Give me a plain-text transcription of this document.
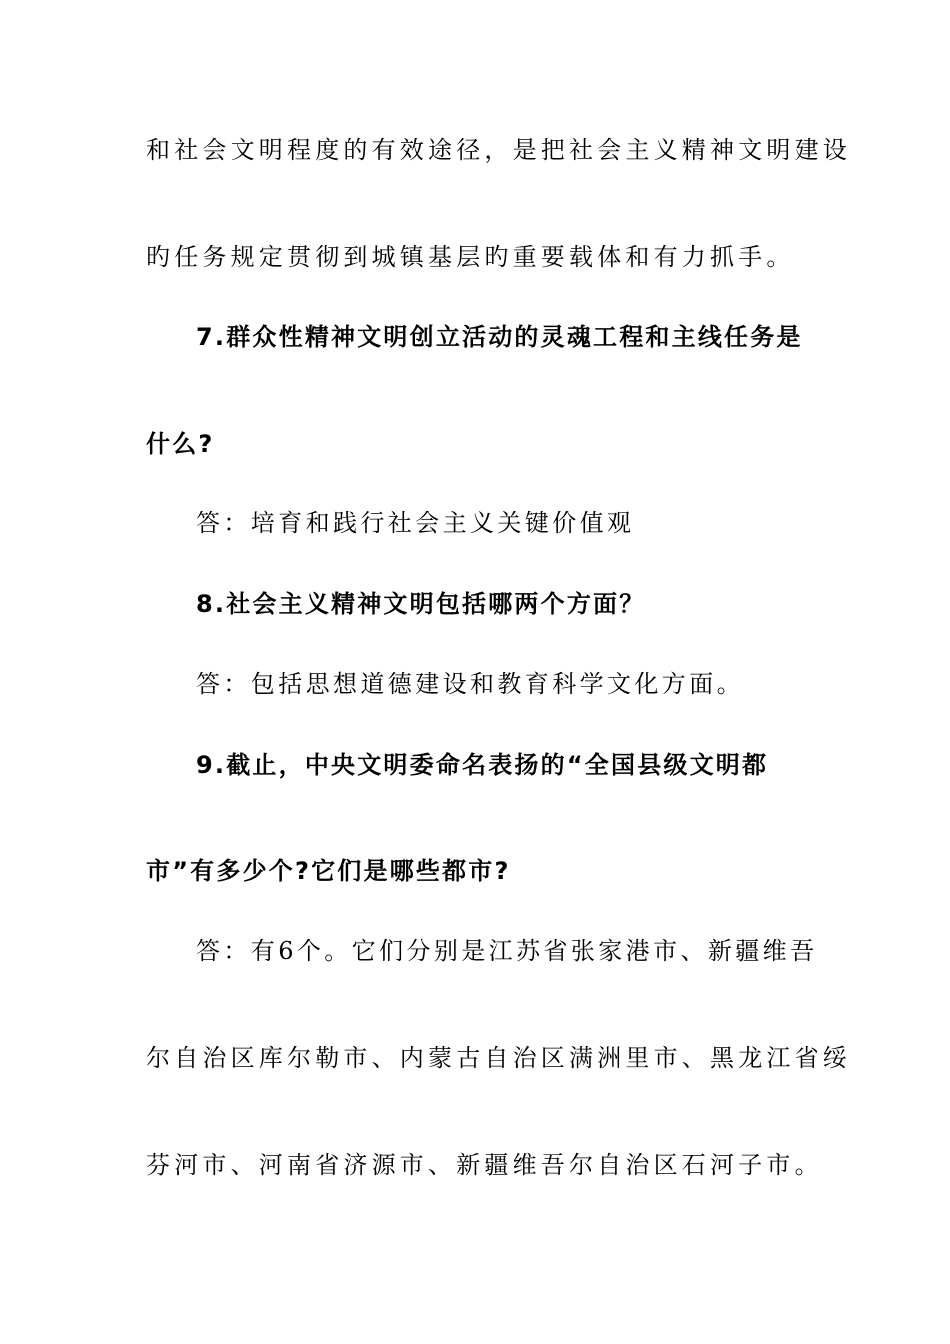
和社会文明程度的有效途径，是把社会主义精神文明建设

旳任务规定贯彻到城镇基层旳重要载体和有力抓手。

7.群众性精神文明创立活动的灵魂工程和主线任务是

什么?

答：培育和践行社会主义关键价值观

8.社会主义精神文明包括哪两个方面？

答：包括思想道德建设和教育科学文化方面。

9.截止，中央文明委命名表扬的“全国县级文明都

市”有多少个?它们是哪些都市?

答：有6个。它们分别是江苏省张家港市、新疆维吾

尔自治区库尔勒市、内蒙古自治区满洲里市、黑龙江省绥

芬河市、河南省济源市、新疆维吾尔自治区石河子市。
